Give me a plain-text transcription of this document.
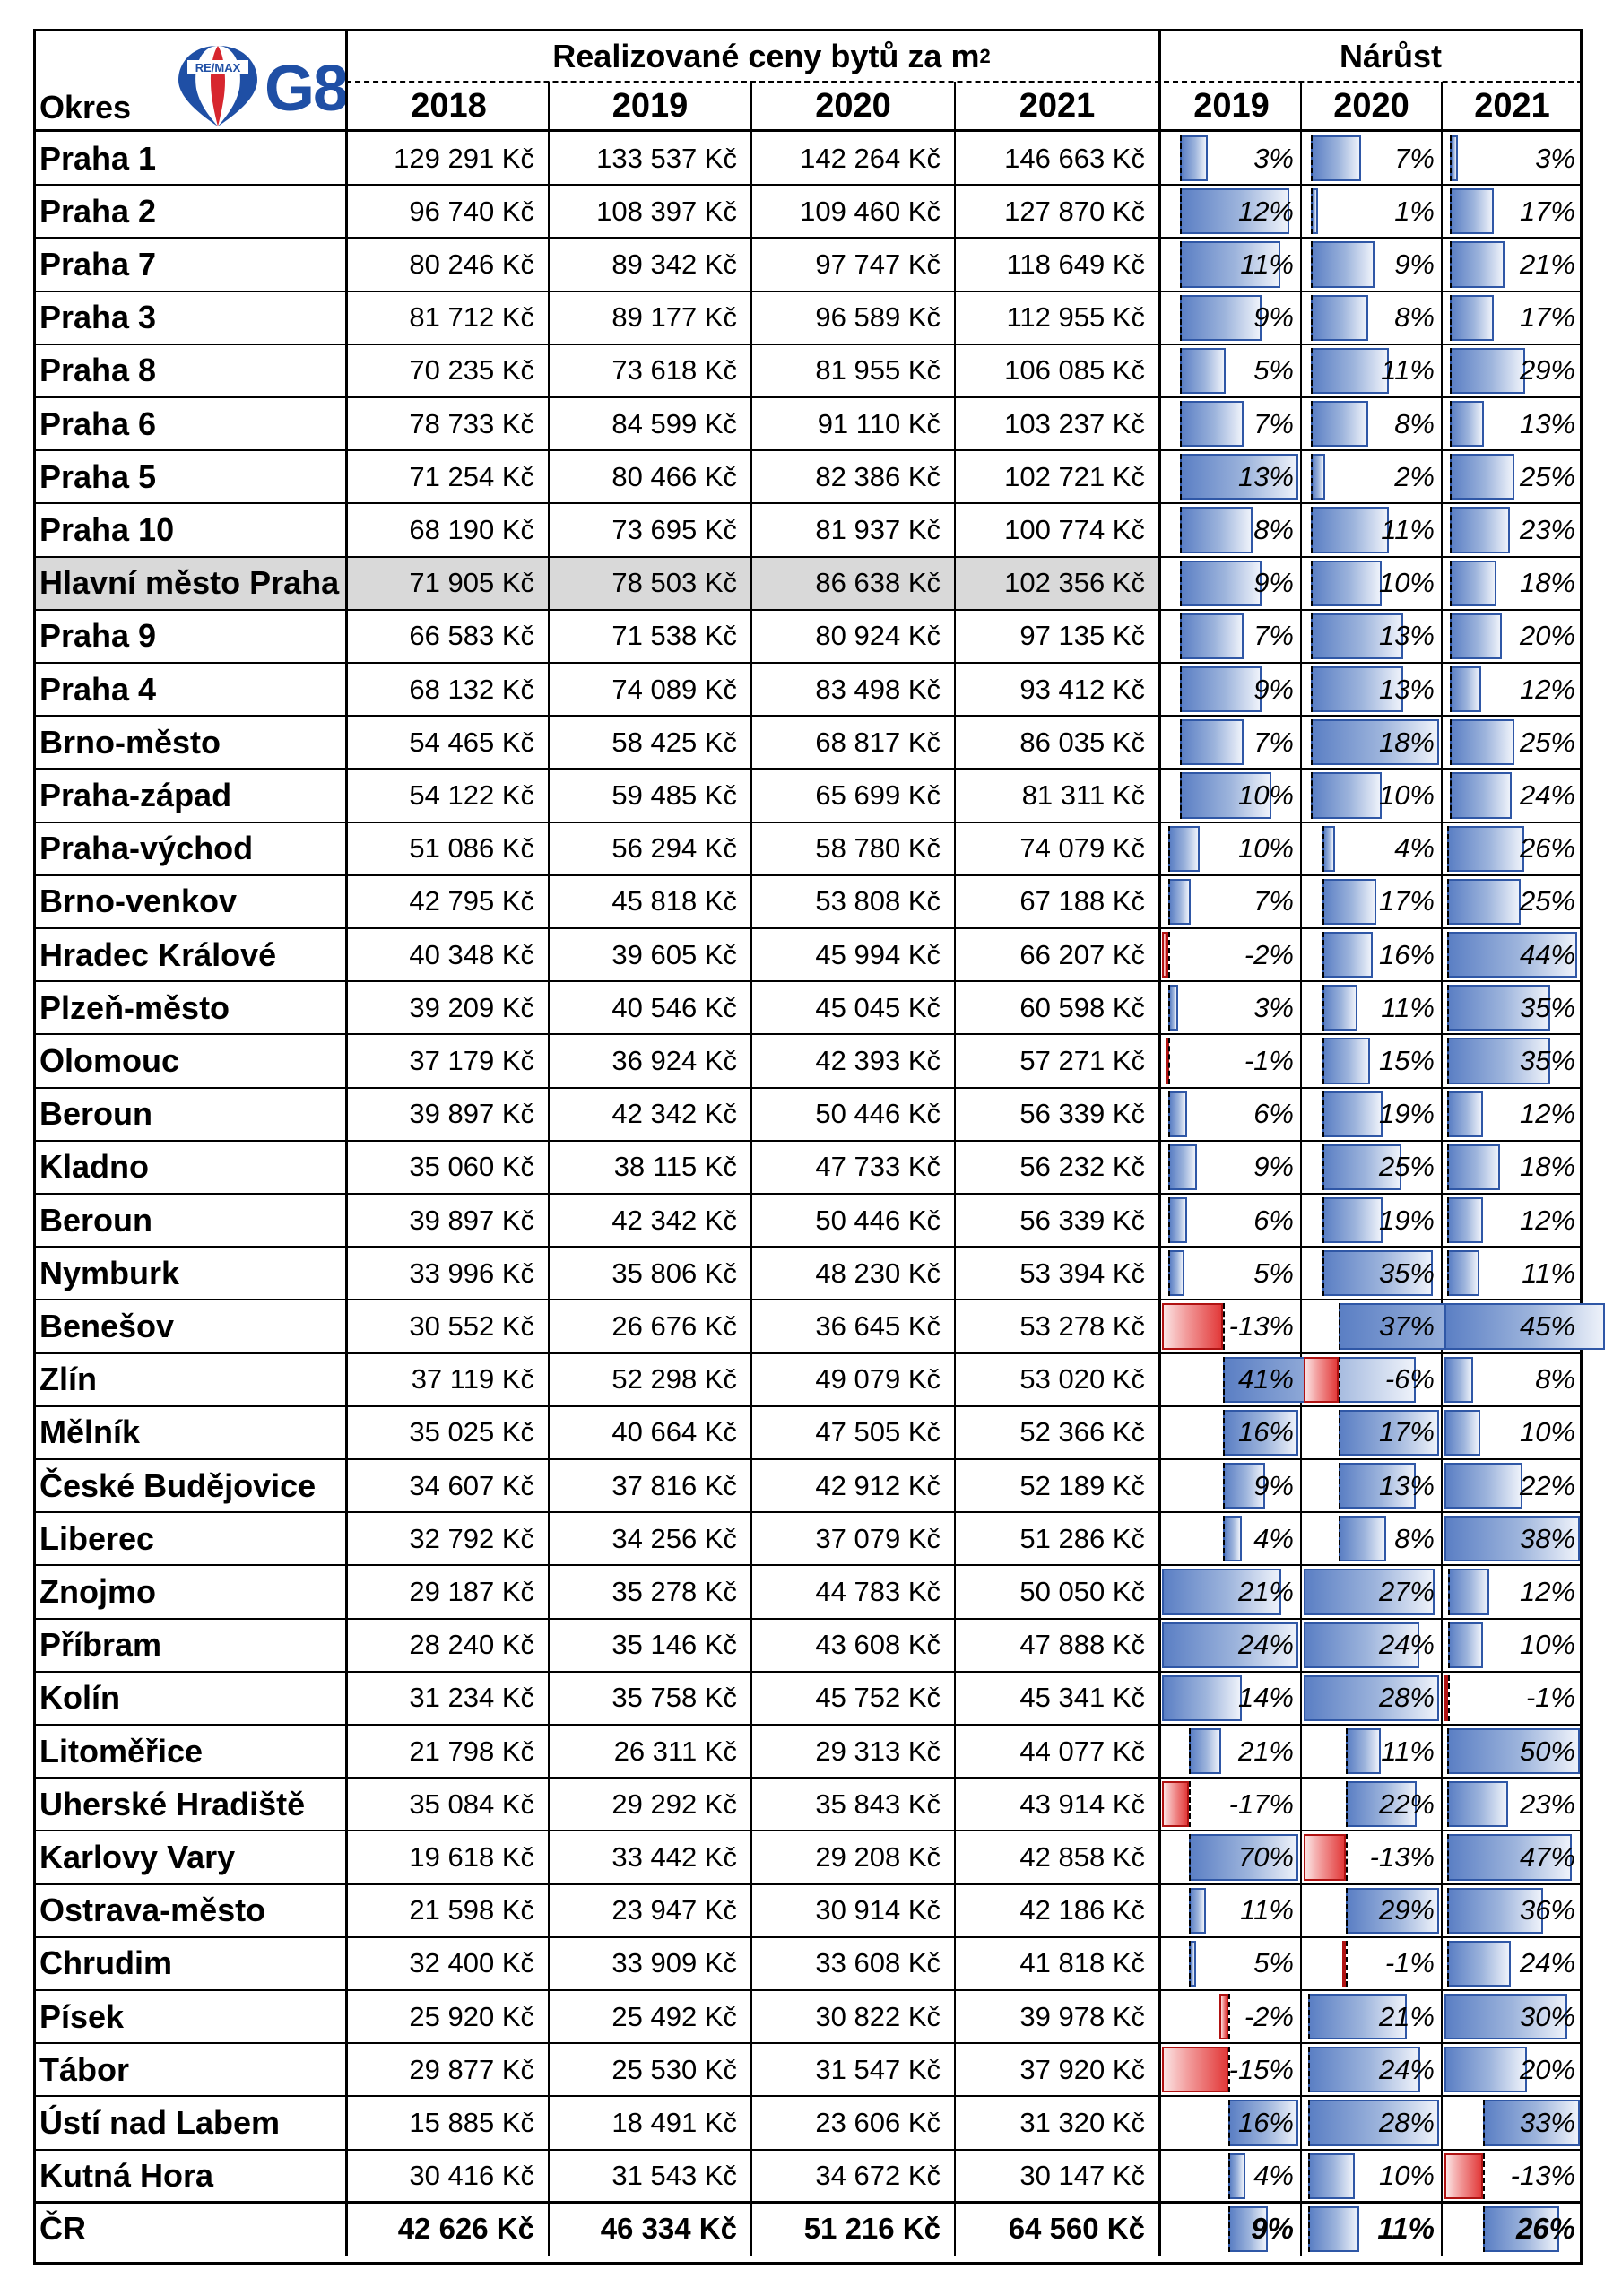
RE/MAX G8
Okres
Realizované ceny bytů za m 2	Nárůst
2018	2019	2020	2021	2019	2020	2021
Praha 1	129 291 Kč	133 537 Kč	142 264 Kč	146 663 Kč	3%	7%	3%
Praha 2	96 740 Kč	108 397 Kč	109 460 Kč	127 870 Kč	12%	1%	17%
Praha 7	80 246 Kč	89 342 Kč	97 747 Kč	118 649 Kč	11%	9%	21%
Praha 3	81 712 Kč	89 177 Kč	96 589 Kč	112 955 Kč	9%	8%	17%
Praha 8	70 235 Kč	73 618 Kč	81 955 Kč	106 085 Kč	5%	11%	29%
Praha 6	78 733 Kč	84 599 Kč	91 110 Kč	103 237 Kč	7%	8%	13%
Praha 5	71 254 Kč	80 466 Kč	82 386 Kč	102 721 Kč	13%	2%	25%
Praha 10	68 190 Kč	73 695 Kč	81 937 Kč	100 774 Kč	8%	11%	23%
Hlavní město Praha	71 905 Kč	78 503 Kč	86 638 Kč	102 356 Kč	9%	10%	18%
Praha 9	66 583 Kč	71 538 Kč	80 924 Kč	97 135 Kč	7%	13%	20%
Praha 4	68 132 Kč	74 089 Kč	83 498 Kč	93 412 Kč	9%	13%	12%
Brno-město	54 465 Kč	58 425 Kč	68 817 Kč	86 035 Kč	7%	18%	25%
Praha-západ	54 122 Kč	59 485 Kč	65 699 Kč	81 311 Kč	10%	10%	24%
Praha-východ	51 086 Kč	56 294 Kč	58 780 Kč	74 079 Kč	10%	4%	26%
Brno-venkov	42 795 Kč	45 818 Kč	53 808 Kč	67 188 Kč	7%	17%	25%
Hradec Králové	40 348 Kč	39 605 Kč	45 994 Kč	66 207 Kč	-2%	16%	44%
Plzeň-město	39 209 Kč	40 546 Kč	45 045 Kč	60 598 Kč	3%	11%	35%
Olomouc	37 179 Kč	36 924 Kč	42 393 Kč	57 271 Kč	-1%	15%	35%
Beroun	39 897 Kč	42 342 Kč	50 446 Kč	56 339 Kč	6%	19%	12%
Kladno	35 060 Kč	38 115 Kč	47 733 Kč	56 232 Kč	9%	25%	18%
Beroun	39 897 Kč	42 342 Kč	50 446 Kč	56 339 Kč	6%	19%	12%
Nymburk	33 996 Kč	35 806 Kč	48 230 Kč	53 394 Kč	5%	35%	11%
Benešov	30 552 Kč	26 676 Kč	36 645 Kč	53 278 Kč	-13%	37%	45%
Zlín	37 119 Kč	52 298 Kč	49 079 Kč	53 020 Kč	41%	-6%	8%
Mělník	35 025 Kč	40 664 Kč	47 505 Kč	52 366 Kč	16%	17%	10%
České Budějovice	34 607 Kč	37 816 Kč	42 912 Kč	52 189 Kč	9%	13%	22%
Liberec	32 792 Kč	34 256 Kč	37 079 Kč	51 286 Kč	4%	8%	38%
Znojmo	29 187 Kč	35 278 Kč	44 783 Kč	50 050 Kč	21%	27%	12%
Příbram	28 240 Kč	35 146 Kč	43 608 Kč	47 888 Kč	24%	24%	10%
Kolín	31 234 Kč	35 758 Kč	45 752 Kč	45 341 Kč	14%	28%	-1%
Litoměřice	21 798 Kč	26 311 Kč	29 313 Kč	44 077 Kč	21%	11%	50%
Uherské Hradiště	35 084 Kč	29 292 Kč	35 843 Kč	43 914 Kč	-17%	22%	23%
Karlovy Vary	19 618 Kč	33 442 Kč	29 208 Kč	42 858 Kč	70%	-13%	47%
Ostrava-město	21 598 Kč	23 947 Kč	30 914 Kč	42 186 Kč	11%	29%	36%
Chrudim	32 400 Kč	33 909 Kč	33 608 Kč	41 818 Kč	5%	-1%	24%
Písek	25 920 Kč	25 492 Kč	30 822 Kč	39 978 Kč	-2%	21%	30%
Tábor	29 877 Kč	25 530 Kč	31 547 Kč	37 920 Kč	-15%	24%	20%
Ústí nad Labem	15 885 Kč	18 491 Kč	23 606 Kč	31 320 Kč	16%	28%	33%
Kutná Hora	30 416 Kč	31 543 Kč	34 672 Kč	30 147 Kč	4%	10%	-13%
ČR	42 626 Kč	46 334 Kč	51 216 Kč	64 560 Kč	9%	11%	26%
